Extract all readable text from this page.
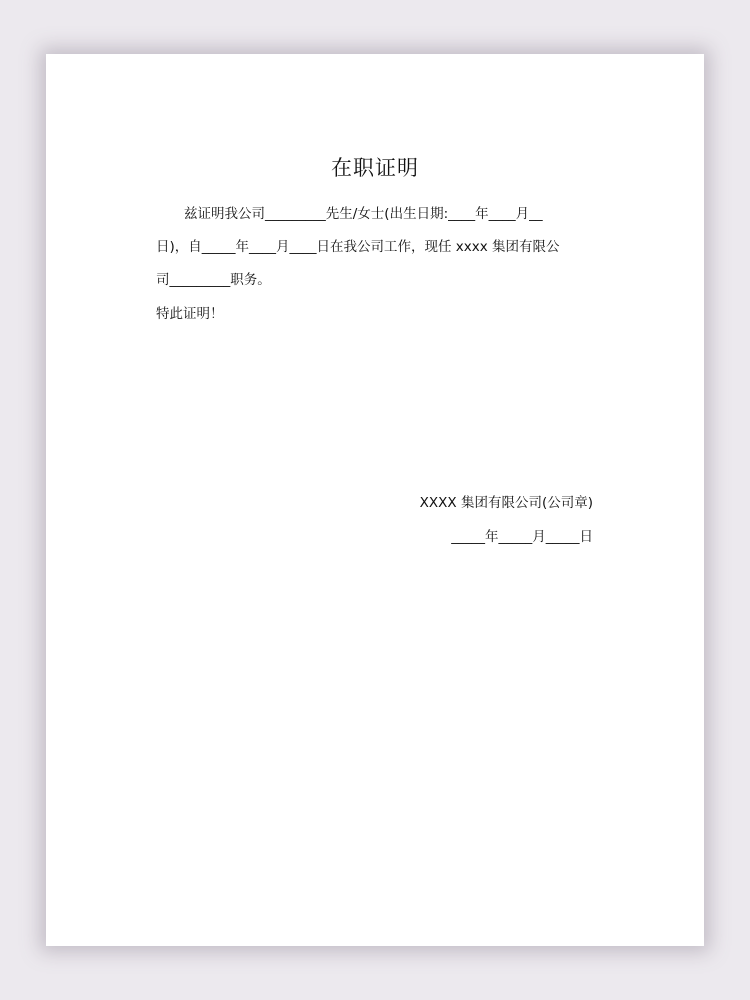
在职证明
兹证明我公司_________先生/女士(出生日期:____年____月__
日)，自_____年____月____日在我公司工作，现任 xxxx 集团有限公
司_________职务。
特此证明！
XXXX 集团有限公司(公司章)
_____年_____月_____日
